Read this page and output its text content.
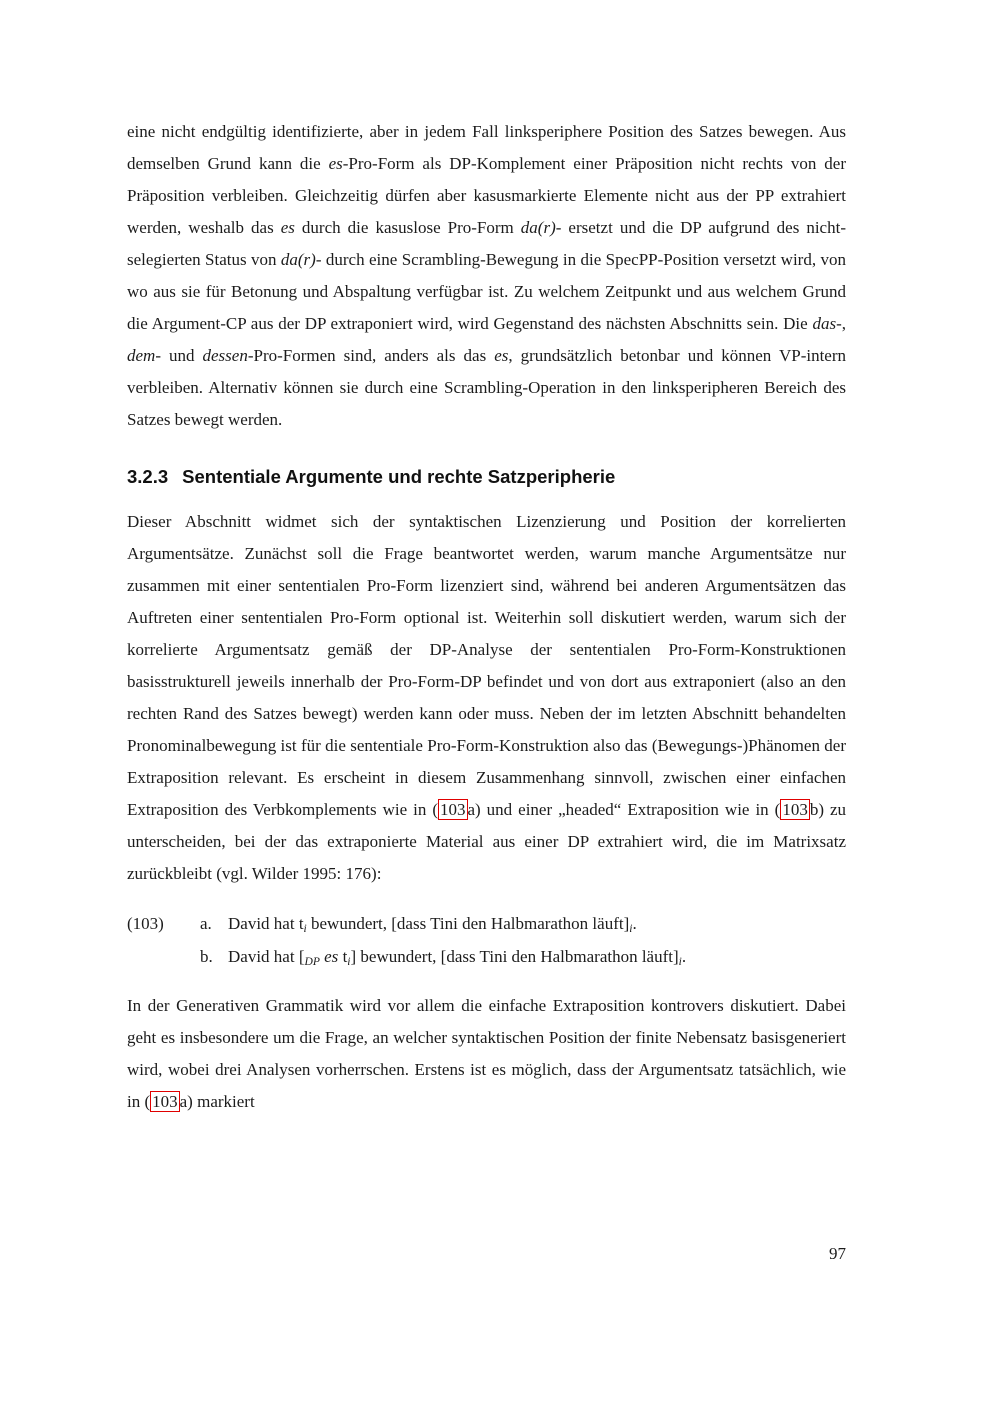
eine nicht endgültig identifizierte, aber in jedem Fall linksperiphere Position des Satzes bewegen. Aus demselben Grund kann die es-Pro-Form als DP-Komplement einer Präposition nicht rechts von der Präposition verbleiben. Gleichzeitig dürfen aber kasusmarkierte Elemente nicht aus der PP extrahiert werden, weshalb das es durch die kasuslose Pro-Form da(r)- ersetzt und die DP aufgrund des nicht-selegierten Status von da(r)- durch eine Scrambling-Bewegung in die SpecPP-Position versetzt wird, von wo aus sie für Betonung und Abspaltung verfügbar ist. Zu welchem Zeitpunkt und aus welchem Grund die Argument-CP aus der DP extraponiert wird, wird Gegenstand des nächsten Abschnitts sein. Die das-, dem- und dessen-Pro-Formen sind, anders als das es, grundsätzlich betonbar und können VP-intern verbleiben. Alternativ können sie durch eine Scrambling-Operation in den linksperipheren Bereich des Satzes bewegt werden.

3.2.3 Sententiale Argumente und rechte Satzperipherie

Dieser Abschnitt widmet sich der syntaktischen Lizenzierung und Position der korrelierten Argumentsätze. Zunächst soll die Frage beantwortet werden, warum manche Argumentsätze nur zusammen mit einer sententialen Pro-Form lizenziert sind, während bei anderen Argumentsätzen das Auftreten einer sententialen Pro-Form optional ist. Weiterhin soll diskutiert werden, warum sich der korrelierte Argumentsatz gemäß der DP-Analyse der sententialen Pro-Form-Konstruktionen basisstrukturell jeweils innerhalb der Pro-Form-DP befindet und von dort aus extraponiert (also an den rechten Rand des Satzes bewegt) werden kann oder muss. Neben der im letzten Abschnitt behandelten Pronominalbewegung ist für die sententiale Pro-Form-Konstruktion also das (Bewegungs-)Phänomen der Extraposition relevant. Es erscheint in diesem Zusammenhang sinnvoll, zwischen einer einfachen Extraposition des Verbkomplements wie in ( 103 a) und einer „headed“ Extraposition wie in ( 103 b) zu unterscheiden, bei der das extraponierte Material aus einer DP extrahiert wird, die im Matrixsatz zurückbleibt (vgl. Wilder 1995: 176):

(103)	a. David hat ti bewundert, [dass Tini den Halbmarathon läuft]i.
b. David hat [DP es ti] bewundert, [dass Tini den Halbmarathon läuft]i.

In der Generativen Grammatik wird vor allem die einfache Extraposition kontrovers diskutiert. Dabei geht es insbesondere um die Frage, an welcher syntaktischen Position der finite Nebensatz basisgeneriert wird, wobei drei Analysen vorherrschen. Erstens ist es möglich, dass der Argumentsatz tatsächlich, wie in ( 103 a) markiert

97
